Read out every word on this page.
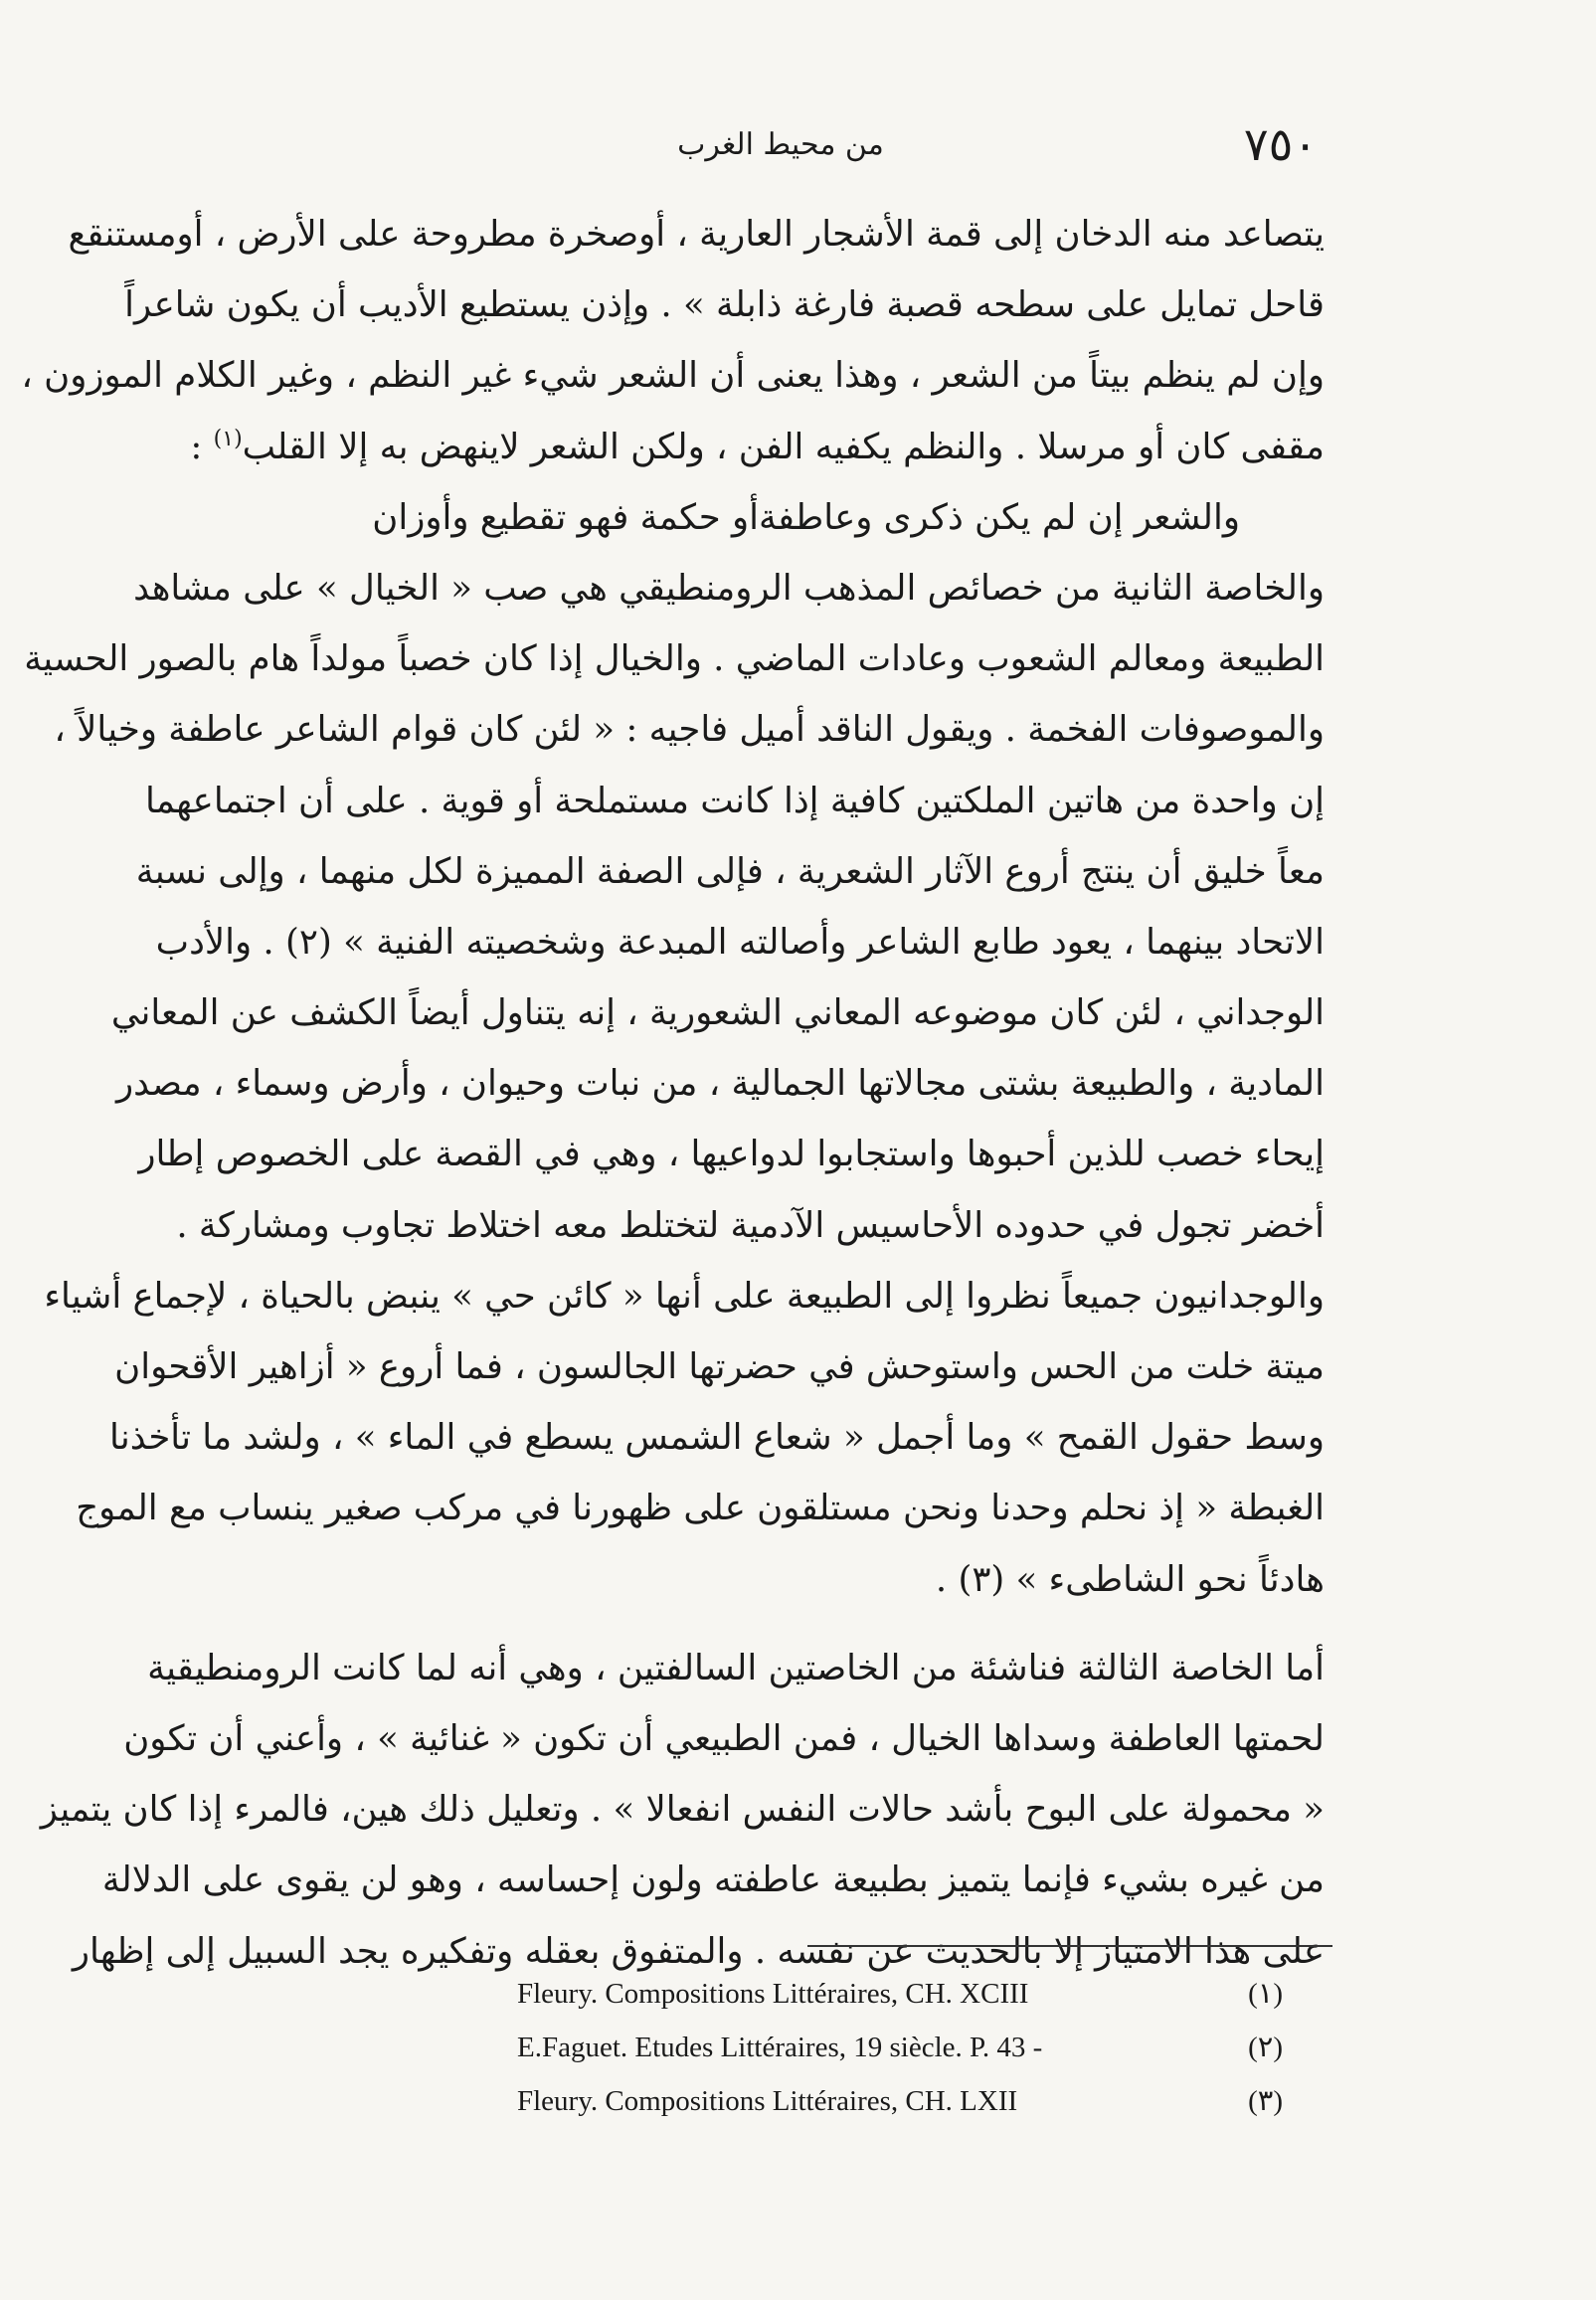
٧٥٠
من محيط الغرب
يتصاعد منه الدخان إلى قمة الأشجار العارية ، أوصخرة مطروحة على الأرض ، أومستنقع
قاحل تمايل على سطحه قصبة فارغة ذابلة » . وإذن يستطيع الأديب أن يكون شاعراً
وإن لم ينظم بيتاً من الشعر ، وهذا يعنى أن الشعر شيء غير النظم ، وغير الكلام الموزون ،
مقفى كان أو مرسلا . والنظم يكفيه الفن ، ولكن الشعر لاينهض به إلا القلب$^{(١)}$ :
والشعر إن لم يكن ذكرى وعاطفة
أو حكمة فهو تقطيع وأوزان
والخاصة الثانية من خصائص المذهب الرومنطيقي هي صب « الخيال » على مشاهد
الطبيعة ومعالم الشعوب وعادات الماضي . والخيال إذا كان خصباً مولداً هام بالصور الحسية
والموصوفات الفخمة . ويقول الناقد أميل فاجيه : « لئن كان قوام الشاعر عاطفة وخيالاً ،
إن واحدة من هاتين الملكتين كافية إذا كانت مستملحة أو قوية . على أن اجتماعهما
معاً خليق أن ينتج أروع الآثار الشعرية ، فإلى الصفة المميزة لكل منهما ، وإلى نسبة
الاتحاد بينهما ، يعود طابع الشاعر وأصالته المبدعة وشخصيته الفنية » (٢) . والأدب
الوجداني ، لئن كان موضوعه المعاني الشعورية ، إنه يتناول أيضاً الكشف عن المعاني
المادية ، والطبيعة بشتى مجالاتها الجمالية ، من نبات وحيوان ، وأرض وسماء ، مصدر
إيحاء خصب للذين أحبوها واستجابوا لدواعيها ، وهي في القصة على الخصوص إطار
أخضر تجول في حدوده الأحاسيس الآدمية لتختلط معه اختلاط تجاوب ومشاركة .
والوجدانيون جميعاً نظروا إلى الطبيعة على أنها « كائن حي » ينبض بالحياة ، لإجماع أشياء
ميتة خلت من الحس واستوحش في حضرتها الجالسون ، فما أروع « أزاهير الأقحوان
وسط حقول القمح » وما أجمل « شعاع الشمس يسطع في الماء » ، ولشد ما تأخذنا
الغبطة « إذ نحلم وحدنا ونحن مستلقون على ظهورنا في مركب صغير ينساب مع الموج
هادئاً نحو الشاطىء » (٣) .
أما الخاصة الثالثة فناشئة من الخاصتين السالفتين ، وهي أنه لما كانت الرومنطيقية
لحمتها العاطفة وسداها الخيال ، فمن الطبيعي أن تكون « غنائية » ، وأعني أن تكون
« محمولة على البوح بأشد حالات النفس انفعالا » . وتعليل ذلك هين، فالمرء إذا كان يتميز
من غيره بشيء فإنما يتميز بطبيعة عاطفته ولون إحساسه ، وهو لن يقوى على الدلالة
على هذا الامتياز إلا بالحديث عن نفسه . والمتفوق بعقله وتفكيره يجد السبيل إلى إظهار
Fleury. Compositions Littéraires, CH. XCIII	(١)
E.Faguet. Etudes Littéraires, 19 siècle. P. 43 -	(٢)
Fleury. Compositions Littéraires, CH. LXII	(٣)
